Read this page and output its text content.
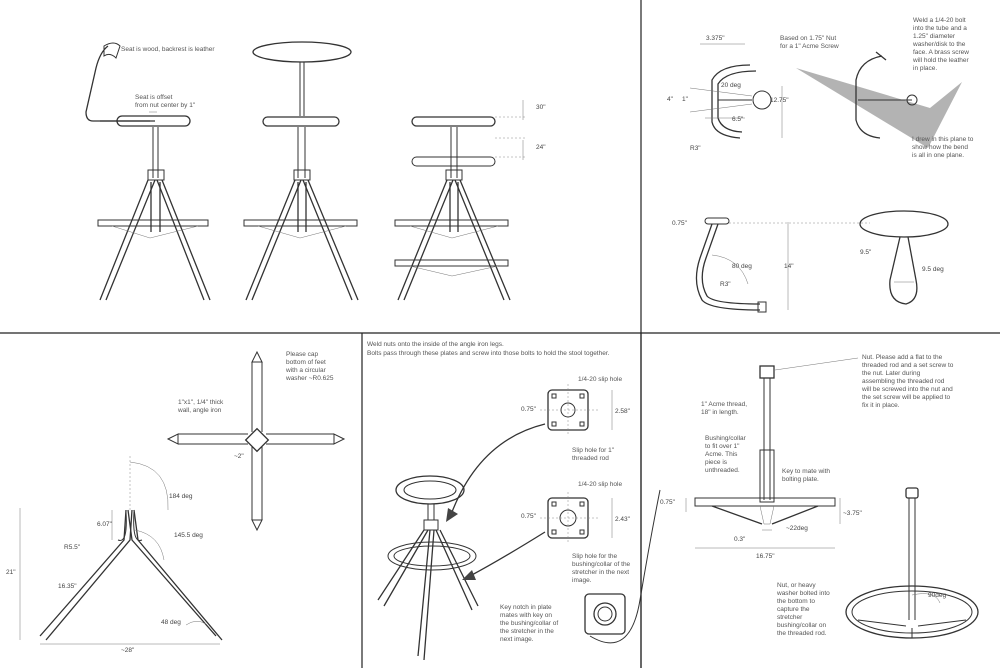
Seat is wood, backrest is leather
Seat is offset
from nut center by 1"	30"
24"
3.375"	Based on 1.75" Nut
for a 1" Acme Screw
20 deg
12.75"
4" 1"
6.5"
R3"
Weld a 1/4-20 bolt
into the tube and a
1.25" diameter
washer/disk to the
face. A brass screw
will hold the leather
in place.
I drew in this plane to
show how the bend
is all in one plane.
0.75"
14"
80 deg
R3"
9.5"
9.5 deg
Please cap
bottom of feet
with a circular
washer ~R0.625
1"x1", 1/4" thick
wall, angle iron
~2"
184 deg
6.07"
145.5 deg
R5.5"
21"
16.35"
48 deg
~28"
Weld nuts onto the inside of the angle iron legs.
Bolts pass through these plates and screw into those bolts to hold the stool together.
1/4-20 slip hole
0.75"	2.58"
Slip hole for 1"
threaded rod
1/4-20 slip hole
0.75"	2.43"
Slip hole for the
bushing/collar of the
stretcher in the next
image.
Key notch in plate
mates with key on
the bushing/collar of
the stretcher in the
next image.
Nut. Please add a flat to the
threaded rod and a set screw to
the nut. Later during
assembling the threaded rod
will be screwed into the nut and
the set screw will be applied to
fix it in place.
1" Acme thread,
18" in length.
Bushing/collar
to fit over 1"
Acme. This
piece is
unthreaded.	Key to mate with
bolting plate.
0.75"
~3.75"
~22deg
0.3"
16.75"
Nut, or heavy
washer bolted into
the bottom to
capture the
stretcher
bushing/collar on
the threaded rod.
90deg
